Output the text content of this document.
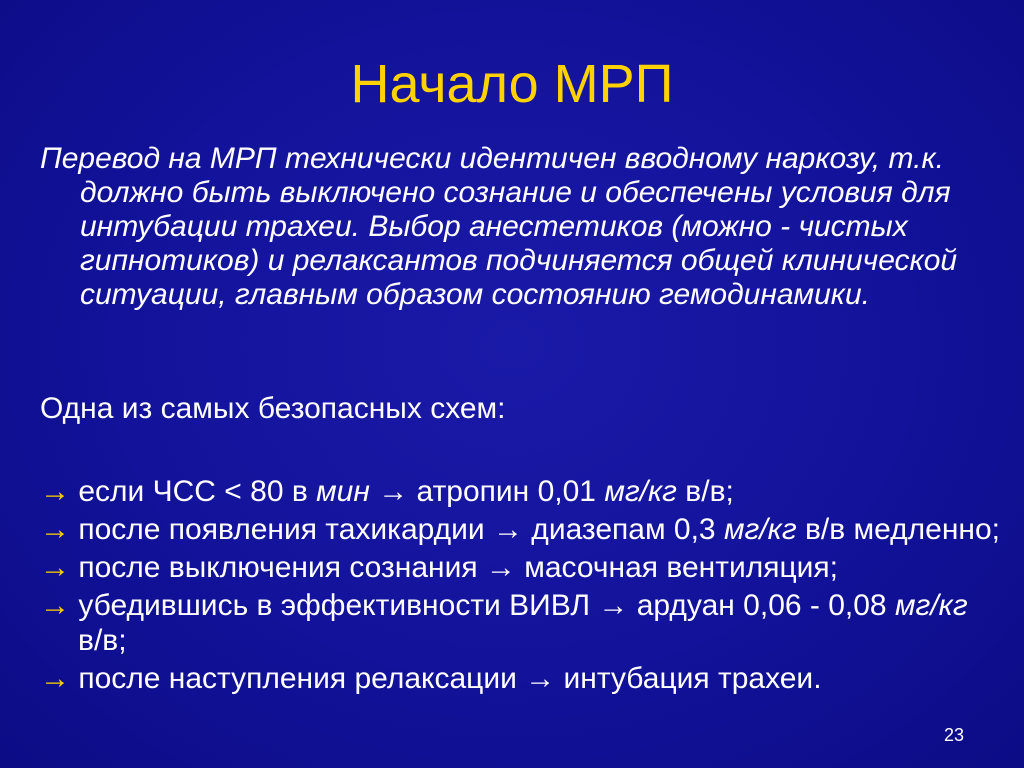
Начало МРП
Перевод на МРП технически идентичен вводному наркозу, т.к. должно быть выключено сознание и обеспечены условия для интубации трахеи. Выбор анестетиков (можно - чистых гипнотиков) и релаксантов подчиняется общей клинической ситуации, главным образом состоянию гемодинамики.
Одна из самых безопасных схем:
→ если ЧСС < 80 в мин → атропин 0,01 мг/кг в/в;
→ после появления тахикардии → диазепам 0,3 мг/кг в/в медленно;
→ после выключения сознания → масочная вентиляция;
→ убедившись в эффективности ВИВЛ → ардуан 0,06 - 0,08 мг/кг в/в;
→ после наступления релаксации → интубация трахеи.
23
